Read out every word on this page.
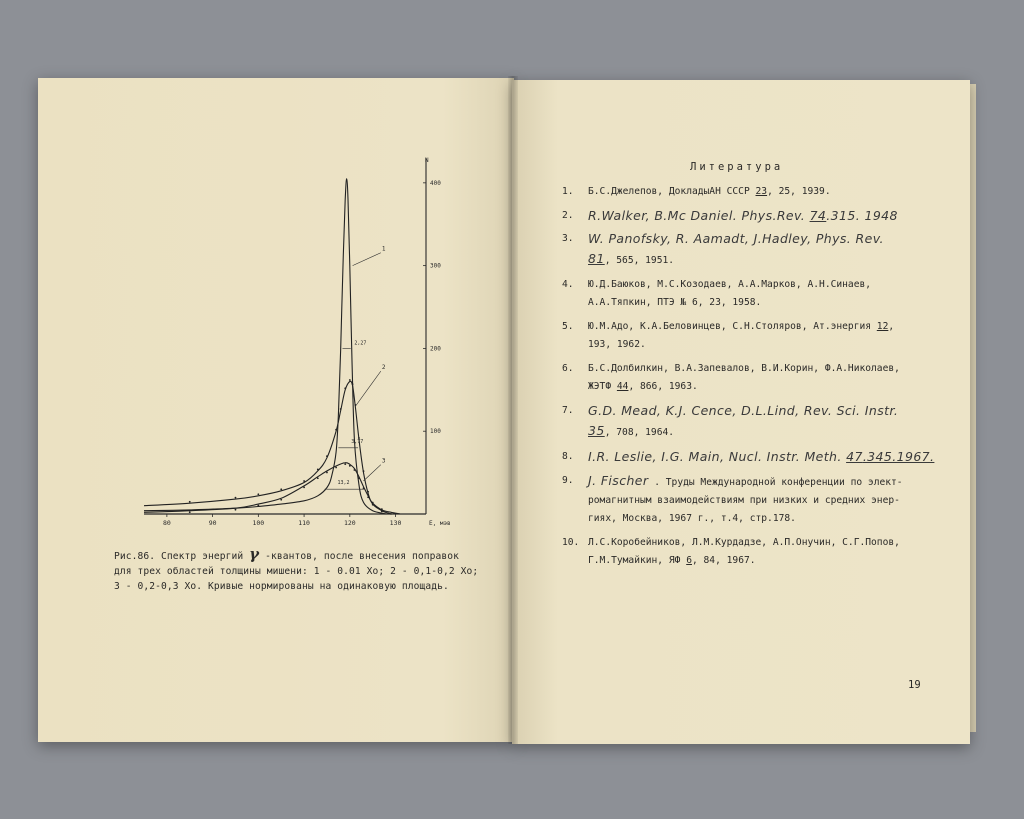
80	90	100	110	120	130	E, мэв
100
200
300
400
N
1
2
3
2,27
3,77
13,2
Рис.86. Спектр энергий γ -квантов, после внесения поправок
для трех областей толщины мишени: 1 - 0.01 Xo; 2 - 0,1-0,2 Xo;
3 - 0,2-0,3 Xo. Кривые нормированы на одинаковую площадь.
Литература
1.	Б.С.Джелепов, ДокладыАН СССР 23, 25, 1939.
2.	R.Walker, B.Mc Daniel. Phys.Rev. 74.315. 1948
3.	W. Panofsky, R. Aamadt, J.Hadley, Phys. Rev.
81, 565, 1951.
4.	Ю.Д.Баюков, М.С.Козодаев, А.А.Марков, А.Н.Синаев,
А.А.Тяпкин, ПТЭ № 6, 23, 1958.
5.	Ю.М.Адо, К.А.Беловинцев, С.Н.Столяров, Ат.энергия 12,
193, 1962.
6.	Б.С.Долбилкин, В.А.Запевалов, В.И.Корин, Ф.А.Николаев,
ЖЭТФ 44, 866, 1963.
7.	G.D. Mead, K.J. Cence, D.L.Lind, Rev. Sci. Instr.
35, 708, 1964.
8.	I.R. Leslie, I.G. Main, Nucl. Instr. Meth. 47.345.1967.
9.	J. Fischer . Труды Международной конференции по элект-
ромагнитным взаимодействиям при низких и средних энер-
гиях, Москва, 1967 г., т.4, стр.178.
10. Л.С.Коробейников, Л.М.Курдадзе, А.П.Онучин, С.Г.Попов,
Г.М.Тумайкин, ЯФ 6, 84, 1967.
19
